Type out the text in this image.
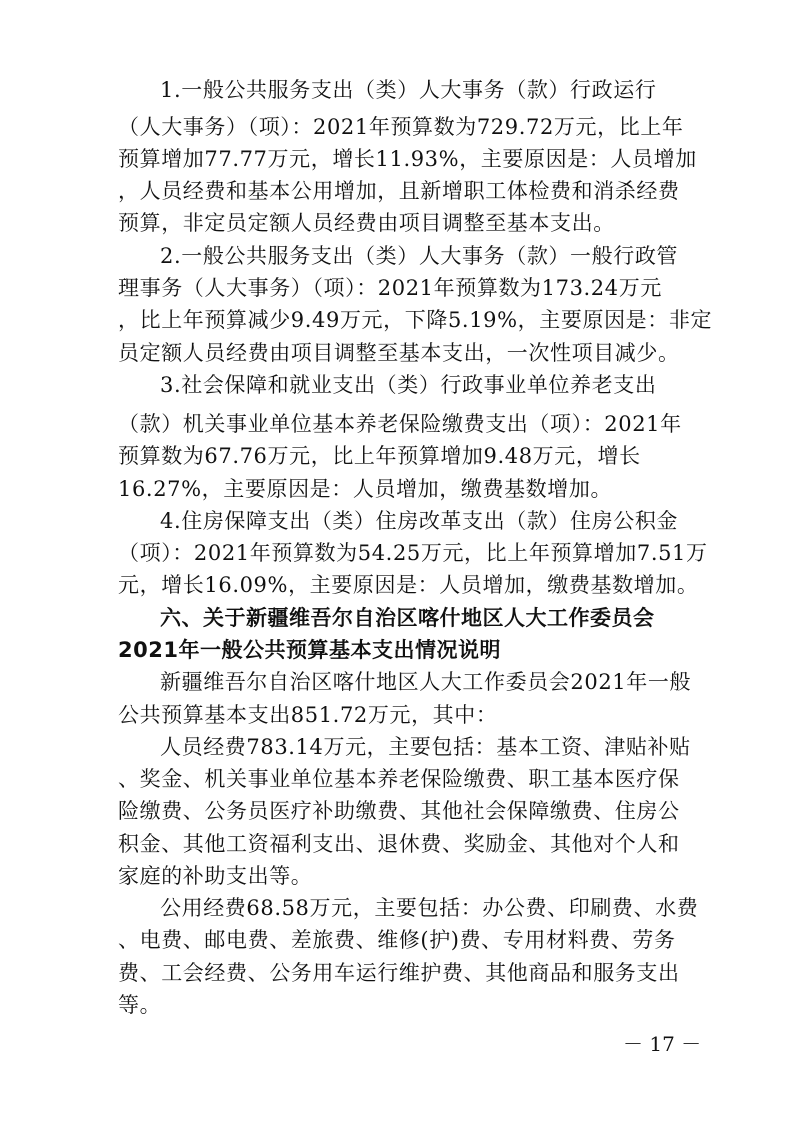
1.一般公共服务支出（类）人大事务（款）行政运行
（人大事务）（项）：2021年预算数为729.72万元，比上年
预算增加77.77万元，增长11.93%，主要原因是：人员增加
，人员经费和基本公用增加，且新增职工体检费和消杀经费
预算，非定员定额人员经费由项目调整至基本支出。
2.一般公共服务支出（类）人大事务（款）一般行政管
理事务（人大事务）（项）：2021年预算数为173.24万元
，比上年预算减少9.49万元，下降5.19%，主要原因是：非定
员定额人员经费由项目调整至基本支出，一次性项目减少。
3.社会保障和就业支出（类）行政事业单位养老支出
（款）机关事业单位基本养老保险缴费支出（项）：2021年
预算数为67.76万元，比上年预算增加9.48万元，增长
16.27%，主要原因是：人员增加，缴费基数增加。
4.住房保障支出（类）住房改革支出（款）住房公积金
（项）：2021年预算数为54.25万元，比上年预算增加7.51万
元，增长16.09%，主要原因是：人员增加，缴费基数增加。
六、关于新疆维吾尔自治区喀什地区人大工作委员会
2021年一般公共预算基本支出情况说明
新疆维吾尔自治区喀什地区人大工作委员会2021年一般
公共预算基本支出851.72万元，其中：
人员经费783.14万元，主要包括：基本工资、津贴补贴
、奖金、机关事业单位基本养老保险缴费、职工基本医疗保
险缴费、公务员医疗补助缴费、其他社会保障缴费、住房公
积金、其他工资福利支出、退休费、奖励金、其他对个人和
家庭的补助支出等。
公用经费68.58万元，主要包括：办公费、印刷费、水费
、电费、邮电费、差旅费、维修(护)费、专用材料费、劳务
费、工会经费、公务用车运行维护费、其他商品和服务支出
等。
－ 17 －
